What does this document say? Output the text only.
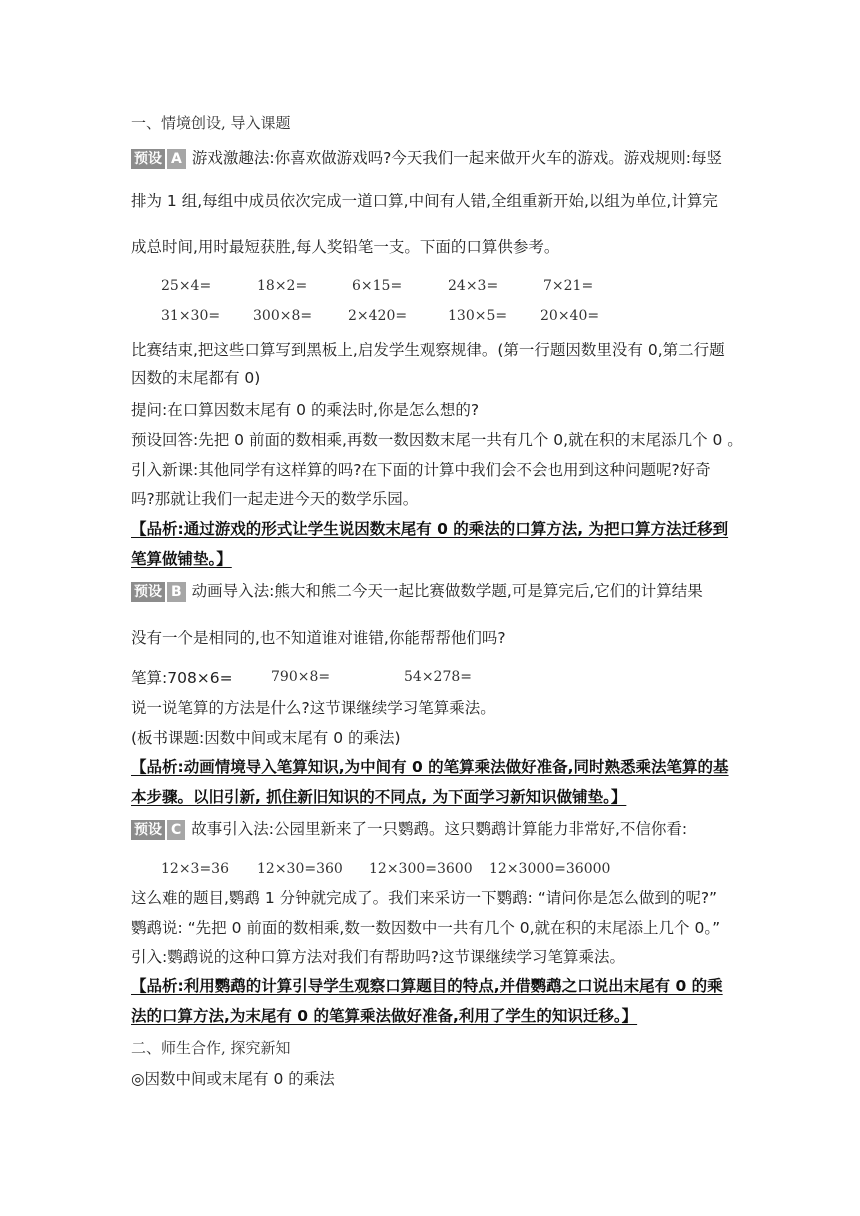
一、情境创设, 导入课题
预设 A 游戏激趣法:你喜欢做游戏吗?今天我们一起来做开火车的游戏。游戏规则:每竖
排为 1 组,每组中成员依次完成一道口算,中间有人错,全组重新开始,以组为单位,计算完
成总时间,用时最短获胜,每人奖铅笔一支。下面的口算供参考。
25×4=	18×2=	6×15=	24×3=	7×21=
31×30= 300×8=	2×420=	130×5= 20×40=
比赛结束,把这些口算写到黑板上,启发学生观察规律。(第一行题因数里没有 0,第二行题
因数的末尾都有 0)
提问:在口算因数末尾有 0 的乘法时,你是怎么想的?
预设回答:先把 0 前面的数相乘,再数一数因数末尾一共有几个 0,就在积的末尾添几个 0 。
引入新课:其他同学有这样算的吗?在下面的计算中我们会不会也用到这种问题呢?好奇
吗?那就让我们一起走进今天的数学乐园。
【品析:通过游戏的形式让学生说因数末尾有 0 的乘法的口算方法, 为把口算方法迁移到
笔算做铺垫。】
预设 B 动画导入法:熊大和熊二今天一起比赛做数学题,可是算完后,它们的计算结果
没有一个是相同的,也不知道谁对谁错,你能帮帮他们吗?
笔算:708×6=	790×8=	54×278=
说一说笔算的方法是什么?这节课继续学习笔算乘法。
(板书课题:因数中间或末尾有 0 的乘法)
【品析:动画情境导入笔算知识,为中间有 0 的笔算乘法做好准备,同时熟悉乘法笔算的基
本步骤。以旧引新, 抓住新旧知识的不同点, 为下面学习新知识做铺垫。】
预设 C 故事引入法:公园里新来了一只鹦鹉。这只鹦鹉计算能力非常好,不信你看:
12×3=36 12×30=360 12×300=3600 12×3000=36000
这么难的题目,鹦鹉 1 分钟就完成了。我们来采访一下鹦鹉: “请问你是怎么做到的呢?”
鹦鹉说: “先把 0 前面的数相乘,数一数因数中一共有几个 0,就在积的末尾添上几个 0。”
引入:鹦鹉说的这种口算方法对我们有帮助吗?这节课继续学习笔算乘法。
【品析:利用鹦鹉的计算引导学生观察口算题目的特点,并借鹦鹉之口说出末尾有 0 的乘
法的口算方法,为末尾有 0 的笔算乘法做好准备,利用了学生的知识迁移。】
二、师生合作, 探究新知
◎因数中间或末尾有 0 的乘法
